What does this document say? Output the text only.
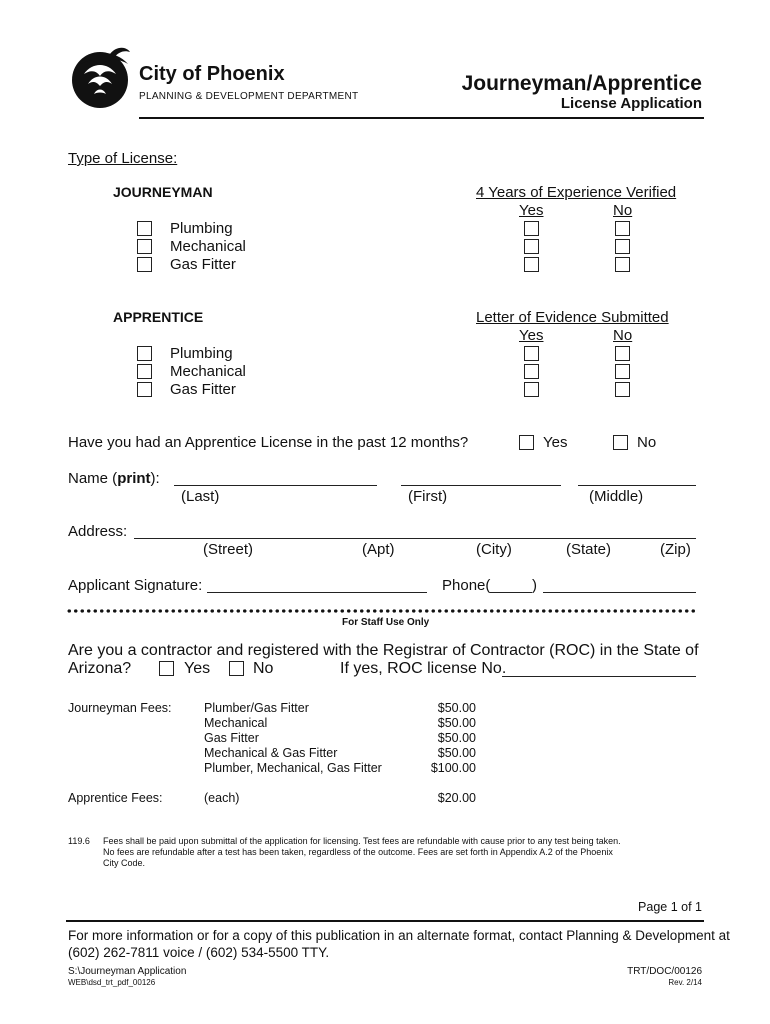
City of Phoenix
PLANNING & DEVELOPMENT DEPARTMENT
Journeyman/Apprentice
License Application
Type of License:
JOURNEYMAN	4 Years of Experience Verified
Yes	No
Plumbing
Mechanical
Gas Fitter
APPRENTICE	Letter of Evidence Submitted
Yes	No
Plumbing
Mechanical
Gas Fitter
Have you had an Apprentice License in the past 12 months?	Yes	No
Name (print):
(Last)	(First)	(Middle)
Address:
(Street)	(Apt)	(City)	(State)	(Zip)
Applicant Signature:	Phone(	)
For Staff Use Only
Are you a contractor and registered with the Registrar of Contractor (ROC) in the State of
Arizona?	Yes	No	If yes, ROC license No.
Journeyman Fees:	Plumber/Gas Fitter	$50.00
Mechanical	$50.00
Gas Fitter	$50.00
Mechanical & Gas Fitter	$50.00
Plumber, Mechanical, Gas Fitter	$100.00
Apprentice Fees:	(each)	$20.00
119.6 Fees shall be paid upon submittal of the application for licensing. Test fees are refundable with cause prior to any test being taken.
No fees are refundable after a test has been taken, regardless of the outcome. Fees are set forth in Appendix A.2 of the Phoenix
City Code.
Page 1 of 1
For more information or for a copy of this publication in an alternate format, contact Planning & Development at
(602) 262-7811 voice / (602) 534-5500 TTY.
S:\Journeyman Application
WEB\dsd_trt_pdf_00126
TRT/DOC/00126
Rev. 2/14
